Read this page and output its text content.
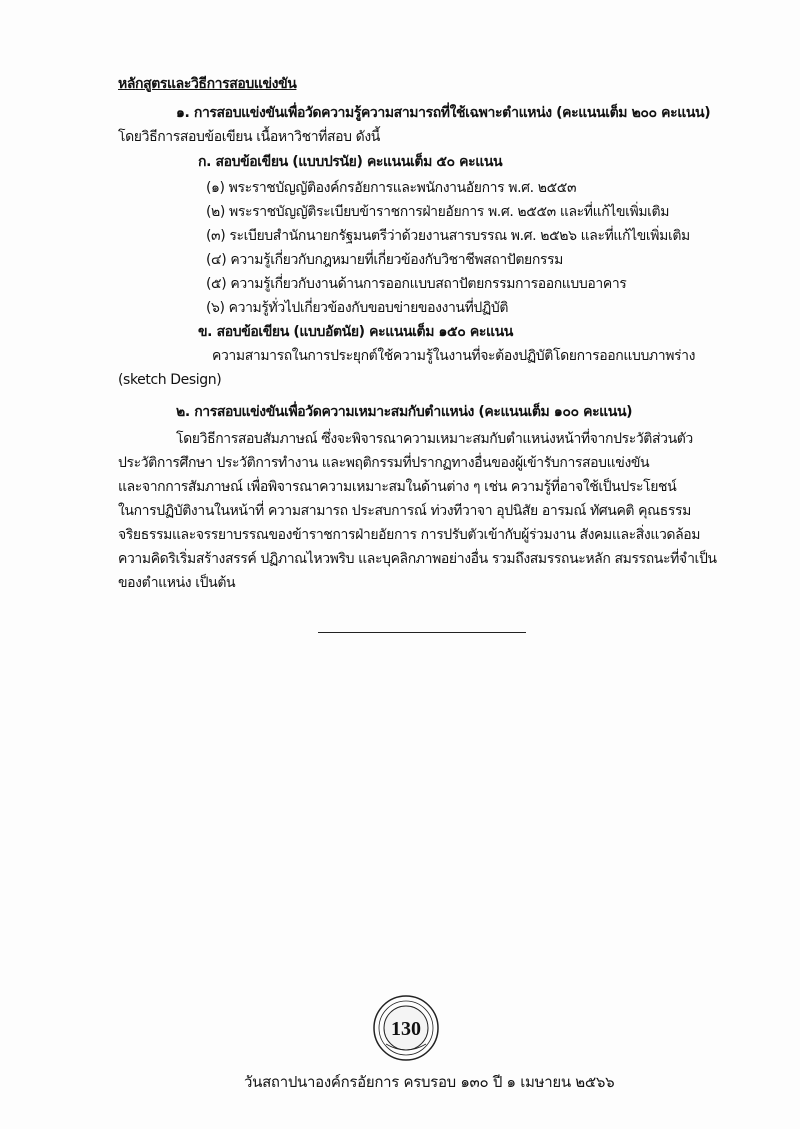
หลักสูตรและวิธีการสอบแข่งขัน
๑. การสอบแข่งขันเพื่อวัดความรู้ความสามารถที่ใช้เฉพาะตำแหน่ง (คะแนนเต็ม ๒๐๐ คะแนน)
โดยวิธีการสอบข้อเขียน เนื้อหาวิชาที่สอบ ดังนี้
ก. สอบข้อเขียน (แบบปรนัย) คะแนนเต็ม ๕๐ คะแนน
(๑) พระราชบัญญัติองค์กรอัยการและพนักงานอัยการ พ.ศ. ๒๕๕๓
(๒) พระราชบัญญัติระเบียบข้าราชการฝ่ายอัยการ พ.ศ. ๒๕๕๓ และที่แก้ไขเพิ่มเติม
(๓) ระเบียบสำนักนายกรัฐมนตรีว่าด้วยงานสารบรรณ พ.ศ. ๒๕๒๖ และที่แก้ไขเพิ่มเติม
(๔) ความรู้เกี่ยวกับกฎหมายที่เกี่ยวข้องกับวิชาชีพสถาปัตยกรรม
(๕) ความรู้เกี่ยวกับงานด้านการออกแบบสถาปัตยกรรมการออกแบบอาคาร
(๖) ความรู้ทั่วไปเกี่ยวข้องกับขอบข่ายของงานที่ปฏิบัติ
ข. สอบข้อเขียน (แบบอัตนัย) คะแนนเต็ม ๑๕๐ คะแนน
ความสามารถในการประยุกต์ใช้ความรู้ในงานที่จะต้องปฏิบัติโดยการออกแบบภาพร่าง
(sketch Design)
๒. การสอบแข่งขันเพื่อวัดความเหมาะสมกับตำแหน่ง (คะแนนเต็ม ๑๐๐ คะแนน)
โดยวิธีการสอบสัมภาษณ์ ซึ่งจะพิจารณาความเหมาะสมกับตำแหน่งหน้าที่จากประวัติส่วนตัว
ประวัติการศึกษา ประวัติการทำงาน และพฤติกรรมที่ปรากฏทางอื่นของผู้เข้ารับการสอบแข่งขัน
และจากการสัมภาษณ์ เพื่อพิจารณาความเหมาะสมในด้านต่าง ๆ เช่น ความรู้ที่อาจใช้เป็นประโยชน์
ในการปฏิบัติงานในหน้าที่ ความสามารถ ประสบการณ์ ท่วงทีวาจา อุปนิสัย อารมณ์ ทัศนคติ คุณธรรม
จริยธรรมและจรรยาบรรณของข้าราชการฝ่ายอัยการ การปรับตัวเข้ากับผู้ร่วมงาน สังคมและสิ่งแวดล้อม
ความคิดริเริ่มสร้างสรรค์ ปฏิภาณไหวพริบ และบุคลิกภาพอย่างอื่น รวมถึงสมรรถนะหลัก สมรรถนะที่จำเป็น
ของตำแหน่ง เป็นต้น
130
วันสถาปนาองค์กรอัยการ ครบรอบ ๑๓๐ ปี ๑ เมษายน ๒๕๖๖
